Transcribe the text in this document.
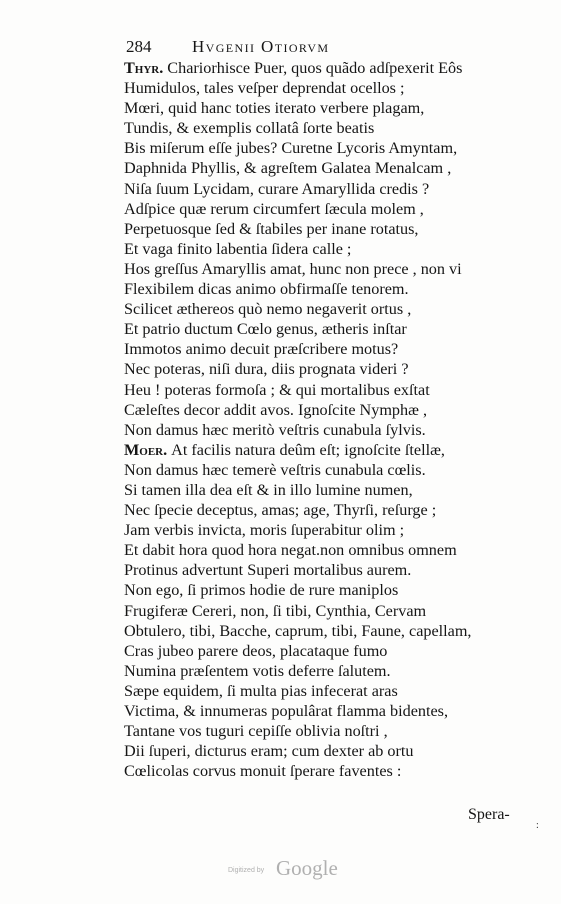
284 Hvgenii Otiorvm
Thyr. Chariorhisce Puer, quos quãdo adſpexerit Eôs
Humidulos, tales veſper deprendat ocellos ;
Mœri, quid hanc toties iterato verbere plagam,
Tundis, & exemplis collatâ ſorte beatis
Bis miſerum eſſe jubes? Curetne Lycoris Amyntam,
Daphnida Phyllis, & agreſtem Galatea Menalcam ,
Niſa ſuum Lycidam, curare Amaryllida credis ?
Adſpice quæ rerum circumfert ſæcula molem ,
Perpetuosque ſed & ſtabiles per inane rotatus,
Et vaga finito labentia ſidera calle ;
Hos greſſus Amaryllis amat, hunc non prece , non vi
Flexibilem dicas animo obfirmaſſe tenorem.
Scilicet æthereos quò nemo negaverit ortus ,
Et patrio ductum Cœlo genus, ætheris inſtar
Immotos animo decuit præſcribere motus?
Nec poteras, niſi dura, diis prognata videri ?
Heu ! poteras formoſa ; & qui mortalibus exſtat
Cæleſtes decor addit avos. Ignoſcite Nymphæ ,
Non damus hæc meritò veſtris cunabula ſylvis.
Moer. At facilis natura deûm eſt; ignoſcite ſtellæ,
Non damus hæc temerè veſtris cunabula cœlis.
Si tamen illa dea eſt & in illo lumine numen,
Nec ſpecie deceptus, amas; age, Thyrſi, reſurge ;
Jam verbis invicta, moris ſuperabitur olim ;
Et dabit hora quod hora negat.non omnibus omnem
Protinus advertunt Superi mortalibus aurem.
Non ego, ſi primos hodie de rure maniplos
Frugiferæ Cereri, non, ſi tibi, Cynthia, Cervam
Obtulero, tibi, Bacche, caprum, tibi, Faune, capellam,
Cras jubeo parere deos, placataque fumo
Numina præſentem votis deferre ſalutem.
Sæpe equidem, ſi multa pias infecerat aras
Victima, & innumeras populârat flamma bidentes,
Tantane vos tuguri cepiſſe oblivia noſtri ,
Dii ſuperi, dicturus eram; cum dexter ab ortu
Cœlicolas corvus monuit ſperare faventes :
Spera-
:
Digitized by Google
